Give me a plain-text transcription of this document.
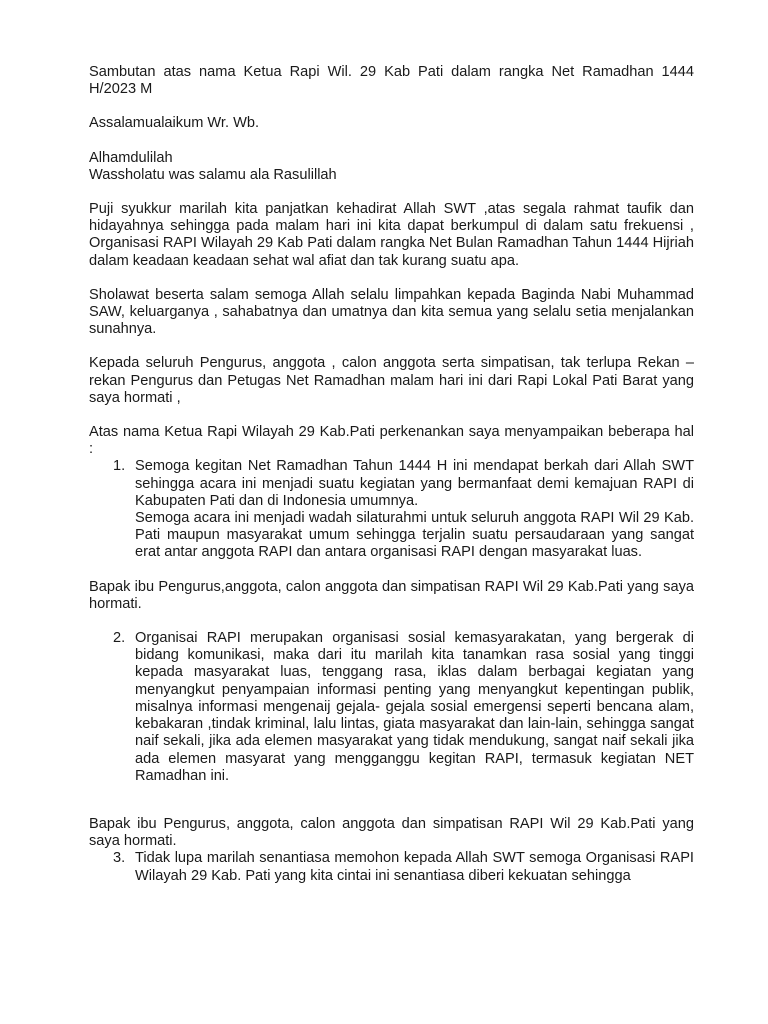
Sambutan atas nama Ketua Rapi Wil. 29 Kab Pati dalam rangka Net Ramadhan 1444 H/2023 M

Assalamualaikum Wr. Wb.

Alhamdulilah

Wassholatu was salamu ala Rasulillah

Puji syukkur marilah kita panjatkan kehadirat Allah SWT ,atas segala rahmat taufik dan hidayahnya sehingga pada malam hari ini kita dapat berkumpul di dalam satu frekuensi , Organisasi RAPI Wilayah 29 Kab Pati dalam rangka Net Bulan Ramadhan Tahun 1444 Hijriah dalam keadaan keadaan sehat wal afiat dan tak kurang suatu apa.

Sholawat beserta salam semoga Allah selalu limpahkan kepada Baginda Nabi Muhammad SAW, keluarganya , sahabatnya dan umatnya dan kita semua yang selalu setia menjalankan sunahnya.

Kepada seluruh Pengurus, anggota , calon anggota serta simpatisan, tak terlupa Rekan – rekan Pengurus dan Petugas Net Ramadhan malam hari ini dari Rapi Lokal Pati Barat yang saya hormati ,

Atas nama Ketua Rapi Wilayah 29 Kab.Pati perkenankan saya menyampaikan beberapa hal :

1. Semoga kegitan Net Ramadhan Tahun 1444 H ini mendapat berkah dari Allah SWT sehingga acara ini menjadi suatu kegiatan yang bermanfaat demi kemajuan RAPI di Kabupaten Pati dan di Indonesia umumnya.
Semoga acara ini menjadi wadah silaturahmi untuk seluruh anggota RAPI Wil 29 Kab. Pati maupun masyarakat umum sehingga terjalin suatu persaudaraan yang sangat erat antar anggota RAPI dan antara organisasi RAPI dengan masyarakat luas.

Bapak ibu Pengurus,anggota, calon anggota dan simpatisan RAPI Wil 29 Kab.Pati yang saya hormati.

2. Organisai RAPI merupakan organisasi sosial kemasyarakatan, yang bergerak di bidang komunikasi, maka dari itu marilah kita tanamkan rasa sosial yang tinggi kepada masyarakat luas, tenggang rasa, iklas dalam berbagai kegiatan yang menyangkut penyampaian informasi penting yang menyangkut kepentingan publik, misalnya informasi mengenaij gejala- gejala sosial emergensi seperti bencana alam, kebakaran ,tindak kriminal, lalu lintas, giata masyarakat dan lain-lain, sehingga sangat naif sekali, jika ada elemen masyarakat yang tidak mendukung, sangat naif sekali jika ada elemen masyarat yang mengganggu kegitan RAPI, termasuk kegiatan NET Ramadhan ini.

Bapak ibu Pengurus, anggota, calon anggota dan simpatisan RAPI Wil 29 Kab.Pati yang saya hormati.

3. Tidak lupa marilah senantiasa memohon kepada Allah SWT semoga Organisasi RAPI Wilayah 29 Kab. Pati yang kita cintai ini senantiasa diberi kekuatan sehingga
